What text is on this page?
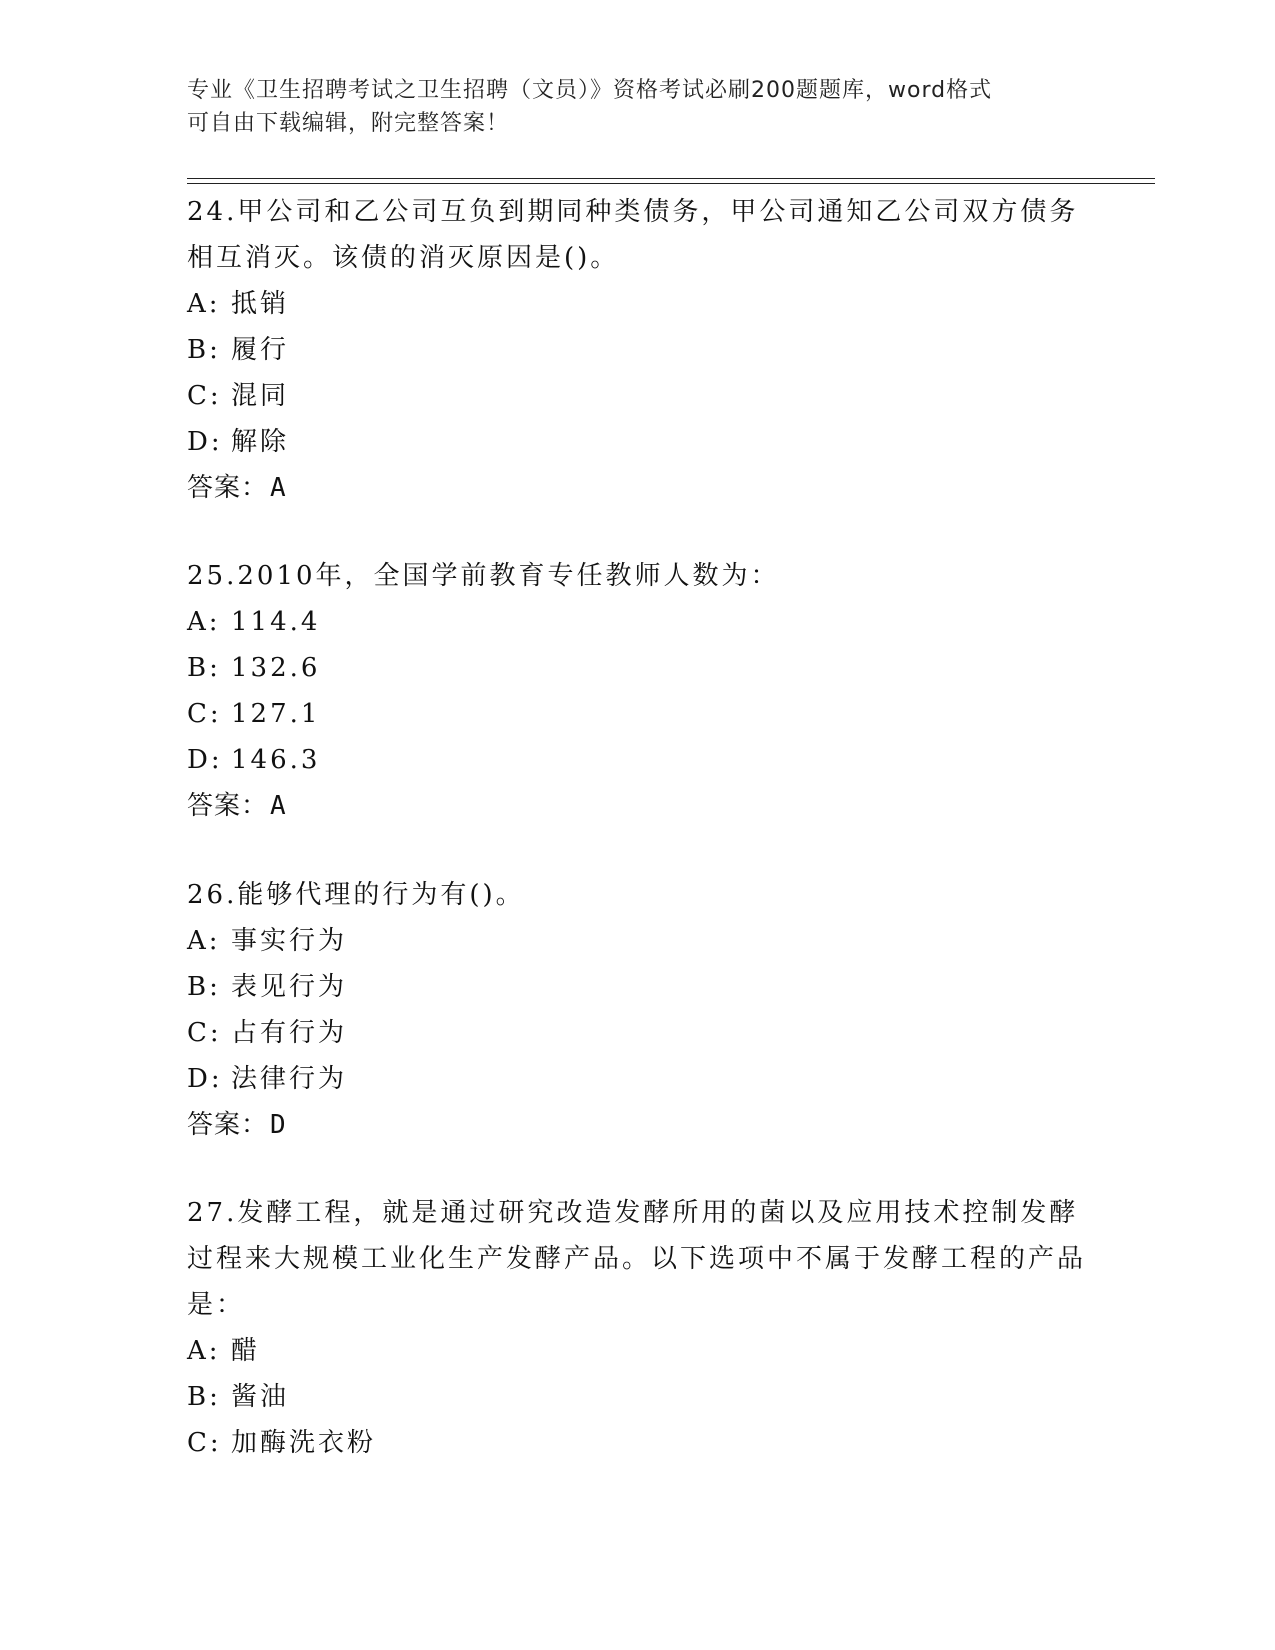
专业《卫生招聘考试之卫生招聘（文员）》资格考试必刷200题题库，word格式
可自由下载编辑，附完整答案！

24.甲公司和乙公司互负到期同种类债务，甲公司通知乙公司双方债务相互消灭。该债的消灭原因是()。

A: 抵销

B: 履行

C: 混同

D: 解除

答案：A

25.2010年，全国学前教育专任教师人数为：

A: 114.4

B: 132.6

C: 127.1

D: 146.3

答案：A

26.能够代理的行为有()。

A: 事实行为

B: 表见行为

C: 占有行为

D: 法律行为

答案：D

27.发酵工程，就是通过研究改造发酵所用的菌以及应用技术控制发酵过程来大规模工业化生产发酵产品。以下选项中不属于发酵工程的产品是：

A: 醋

B: 酱油

C: 加酶洗衣粉
